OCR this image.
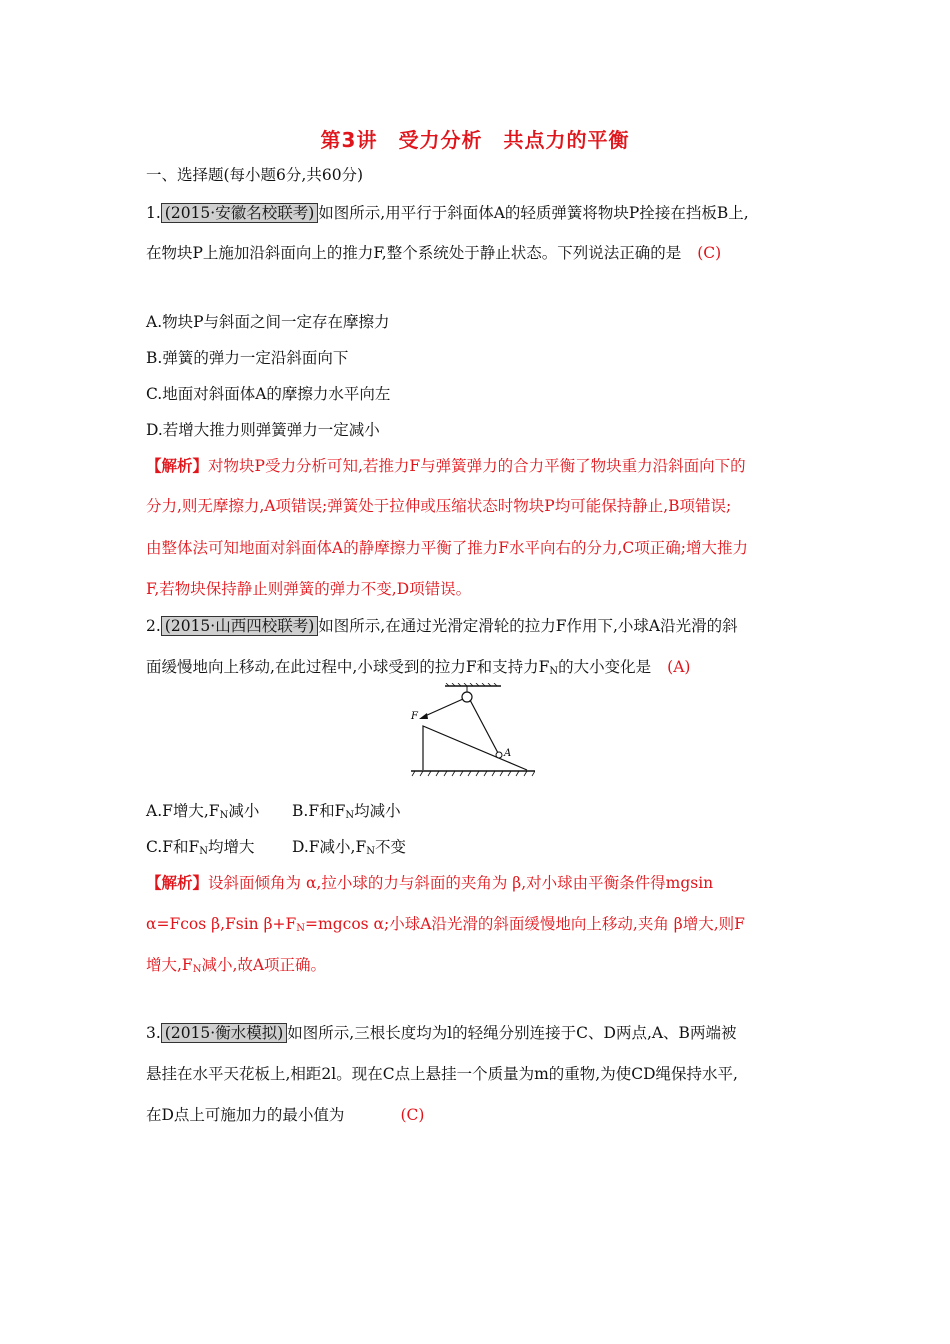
第3讲　受力分析　共点力的平衡
一、选择题(每小题6分,共60分)
1. (2015·安徽名校联考) 如图所示,用平行于斜面体A的轻质弹簧将物块P拴接在挡板B上,
在物块P上施加沿斜面向上的推力F,整个系统处于静止状态。下列说法正确的是 (C)
A.物块P与斜面之间一定存在摩擦力
B.弹簧的弹力一定沿斜面向下
C.地面对斜面体A的摩擦力水平向左
D.若增大推力则弹簧弹力一定减小
【解析】对物块P受力分析可知,若推力F与弹簧弹力的合力平衡了物块重力沿斜面向下的
分力,则无摩擦力,A项错误;弹簧处于拉伸或压缩状态时物块P均可能保持静止,B项错误;
由整体法可知地面对斜面体A的静摩擦力平衡了推力F水平向右的分力,C项正确;增大推力
F,若物块保持静止则弹簧的弹力不变,D项错误。
2. (2015·山西四校联考) 如图所示,在通过光滑定滑轮的拉力F作用下,小球A沿光滑的斜
面缓慢地向上移动,在此过程中,小球受到的拉力F和支持力$F_N$的大小变化是 (A)
F
A
A.F增大$,F_N$减小 B.F和$F_N$均减小
C.F和$F_N$均增大 D.F减小$,F_N$不变
【解析】设斜面倾角为 α,拉小球的力与斜面的夹角为 β,对小球由平衡条件得mgsin
α=Fcos β,Fsin $\beta+F_N=mgcos$ α;小球A沿光滑的斜面缓慢地向上移动,夹角 β增大,则F
增大$,F_N$减小,故A项正确。
3. (2015·衡水模拟) 如图所示,三根长度均为l的轻绳分别连接于C、D两点,A、B两端被
悬挂在水平天花板上,相距2l。现在C点上悬挂一个质量为m的重物,为使CD绳保持水平,
在D点上可施加力的最小值为	(C)
